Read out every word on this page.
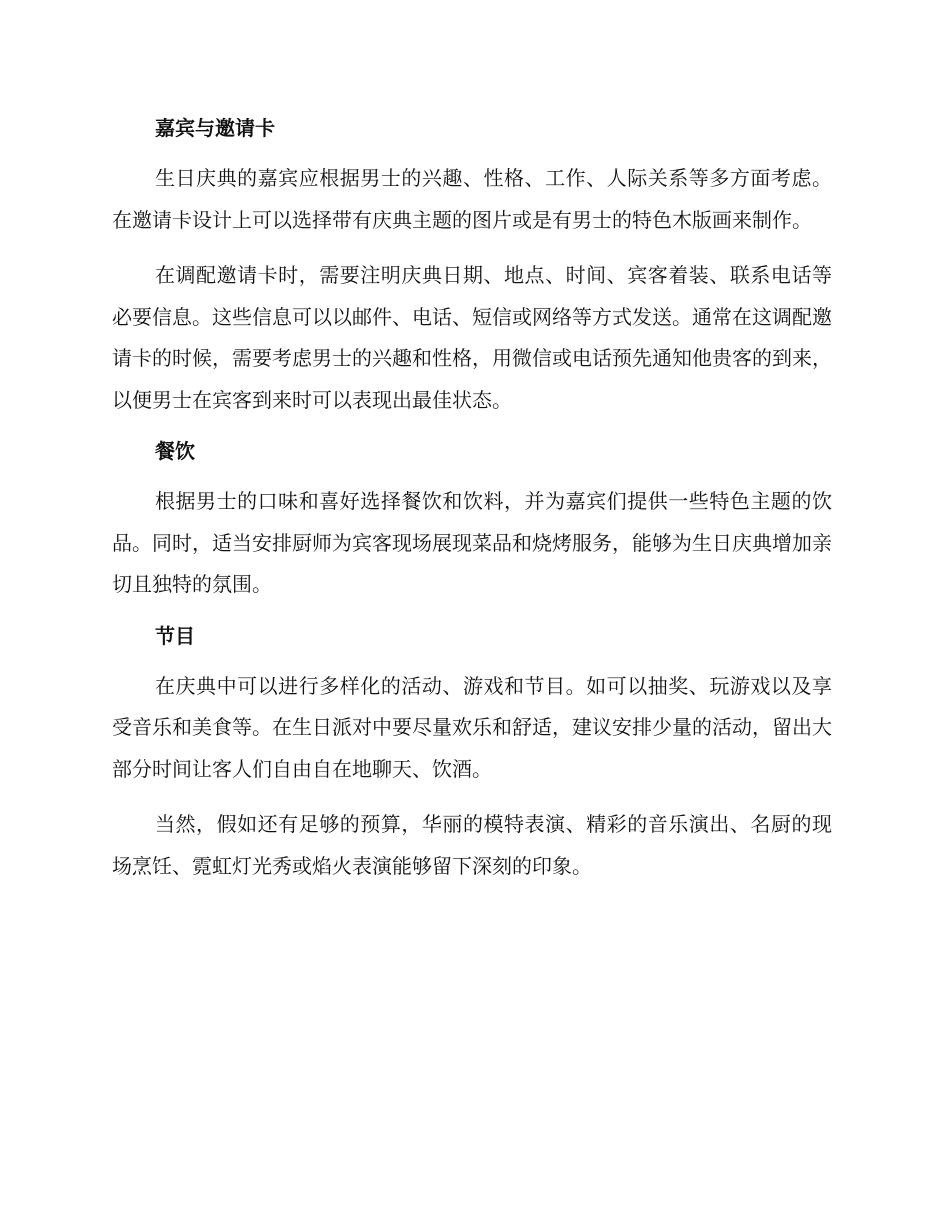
嘉宾与邀请卡

生日庆典的嘉宾应根据男士的兴趣、性格、工作、人际关系等多方面考虑。在邀请卡设计上可以选择带有庆典主题的图片或是有男士的特色木版画来制作。

在调配邀请卡时，需要注明庆典日期、地点、时间、宾客着装、联系电话等必要信息。这些信息可以以邮件、电话、短信或网络等方式发送。通常在这调配邀请卡的时候，需要考虑男士的兴趣和性格，用微信或电话预先通知他贵客的到来，以便男士在宾客到来时可以表现出最佳状态。

餐饮

根据男士的口味和喜好选择餐饮和饮料，并为嘉宾们提供一些特色主题的饮品。同时，适当安排厨师为宾客现场展现菜品和烧烤服务，能够为生日庆典增加亲切且独特的氛围。

节目

在庆典中可以进行多样化的活动、游戏和节目。如可以抽奖、玩游戏以及享受音乐和美食等。在生日派对中要尽量欢乐和舒适，建议安排少量的活动，留出大部分时间让客人们自由自在地聊天、饮酒。

当然，假如还有足够的预算，华丽的模特表演、精彩的音乐演出、名厨的现场烹饪、霓虹灯光秀或焰火表演能够留下深刻的印象。
